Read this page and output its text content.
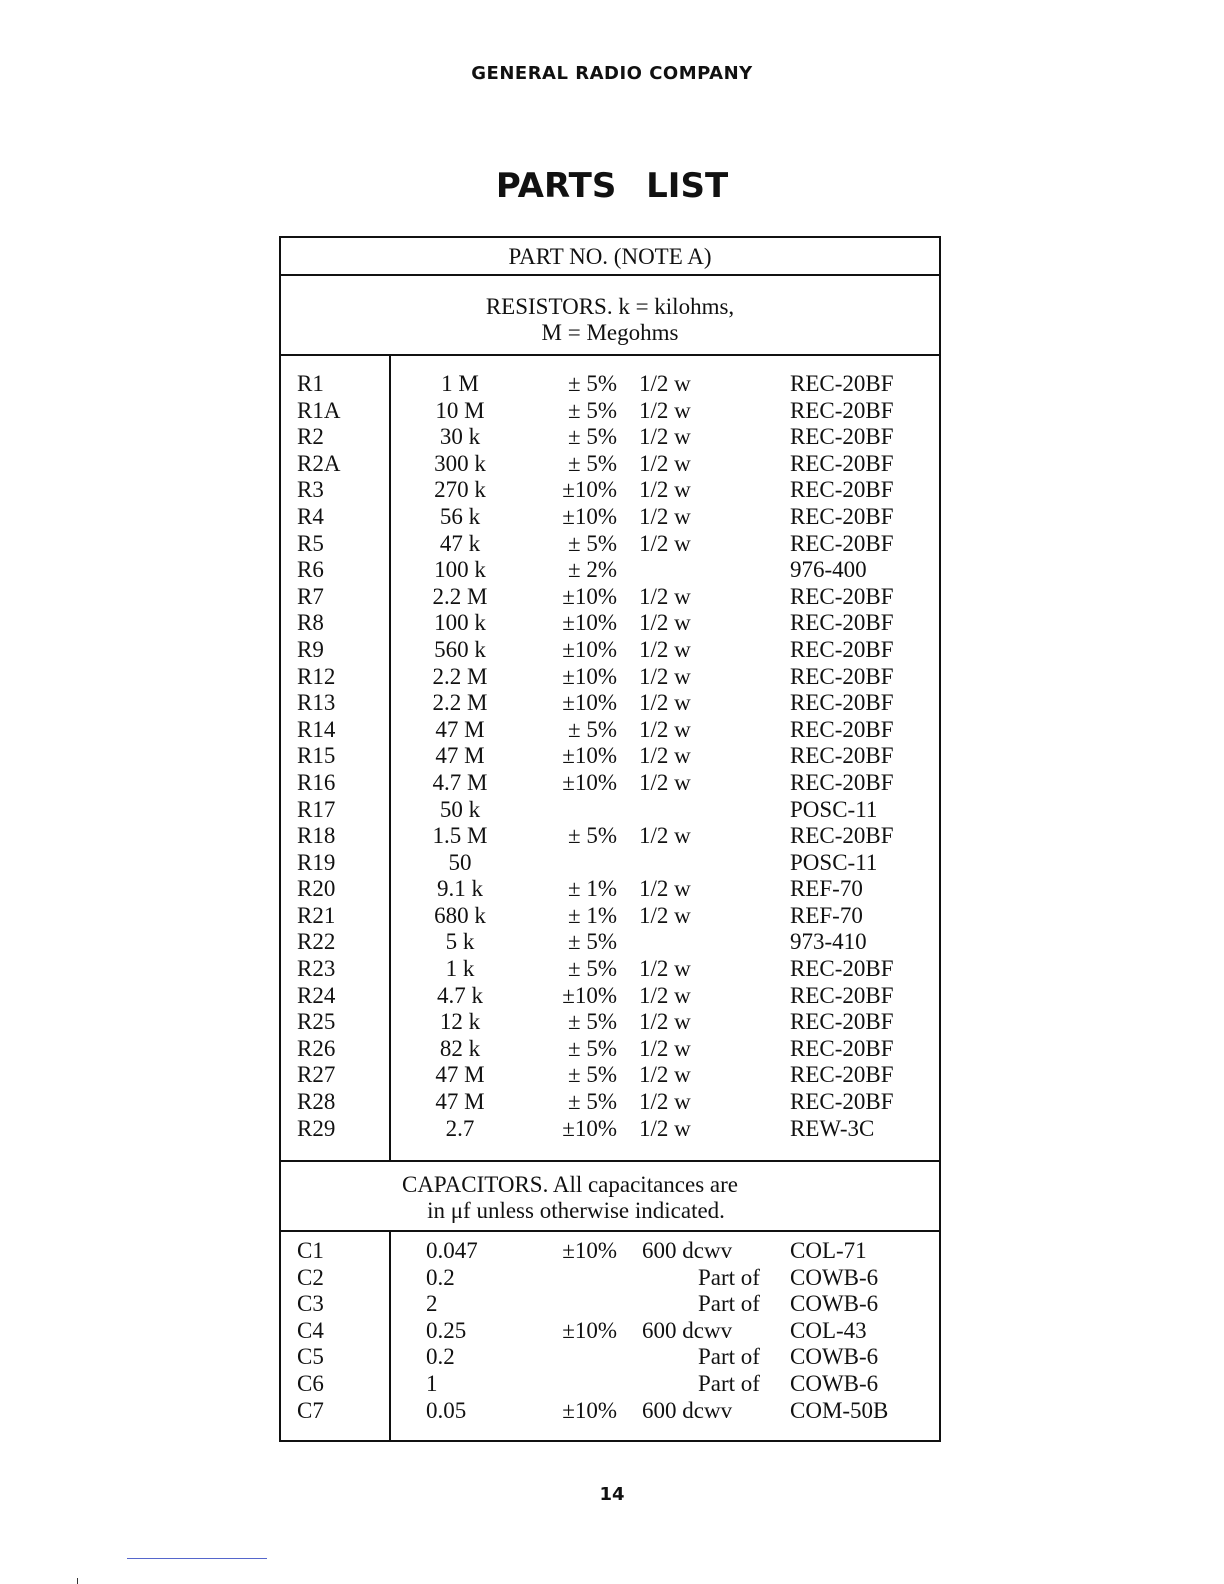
GENERAL RADIO COMPANY
PARTS LIST
PART NO. (NOTE A)
RESISTORS. k = kilohms,
M = Megohms
R1	1 M	± 5% 1/2 w	REC-20BF
R1A	10 M	± 5% 1/2 w	REC-20BF
R2	30 k	± 5% 1/2 w	REC-20BF
R2A	300 k	± 5% 1/2 w	REC-20BF
R3	270 k	±10% 1/2 w	REC-20BF
R4	56 k	±10% 1/2 w	REC-20BF
R5	47 k	± 5% 1/2 w	REC-20BF
R6	100 k	± 2%	976-400
R7	2.2 M	±10% 1/2 w	REC-20BF
R8	100 k	±10% 1/2 w	REC-20BF
R9	560 k	±10% 1/2 w	REC-20BF
R12	2.2 M	±10% 1/2 w	REC-20BF
R13	2.2 M	±10% 1/2 w	REC-20BF
R14	47 M	± 5% 1/2 w	REC-20BF
R15	47 M	±10% 1/2 w	REC-20BF
R16	4.7 M	±10% 1/2 w	REC-20BF
R17	50 k	POSC-11
R18	1.5 M	± 5% 1/2 w	REC-20BF
R19	50	POSC-11
R20	9.1 k	± 1% 1/2 w	REF-70
R21	680 k	± 1% 1/2 w	REF-70
R22	5 k	± 5%	973-410
R23	1 k	± 5% 1/2 w	REC-20BF
R24	4.7 k	±10% 1/2 w	REC-20BF
R25	12 k	± 5% 1/2 w	REC-20BF
R26	82 k	± 5% 1/2 w	REC-20BF
R27	47 M	± 5% 1/2 w	REC-20BF
R28	47 M	± 5% 1/2 w	REC-20BF
R29	2.7	±10% 1/2 w	REW-3C
CAPACITORS. All capacitances are
in μf unless otherwise indicated.
C1	0.047	±10% 600 dcwv	COL-71
C2	0.2	Part of COWB-6
C3	2	Part of COWB-6
C4	0.25	±10% 600 dcwv	COL-43
C5	0.2	Part of COWB-6
C6	1	Part of COWB-6
C7	0.05	±10% 600 dcwv	COM-50B
14
